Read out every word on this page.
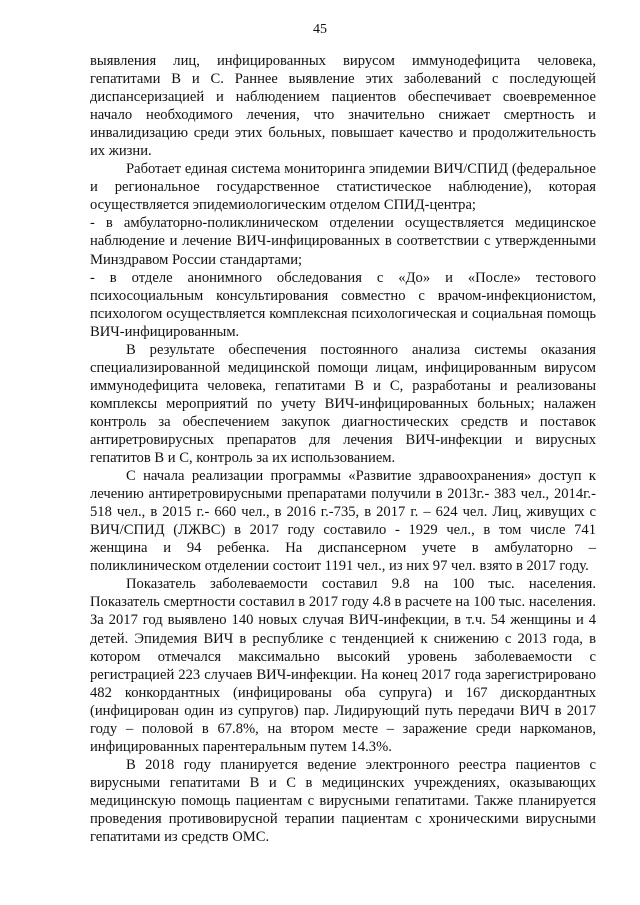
45

выявления лиц, инфицированных вирусом иммунодефицита человека, гепатитами В и С. Раннее выявление этих заболеваний с последующей диспансеризацией и наблюдением пациентов обеспечивает своевременное начало необходимого лечения, что значительно снижает смертность и инвалидизацию среди этих больных, повышает качество и продолжительность их жизни.

Работает единая система мониторинга эпидемии ВИЧ/СПИД (федеральное и региональное государственное статистическое наблюдение), которая осуществляется эпидемиологическим отделом СПИД-центра;

- в амбулаторно-поликлиническом отделении осуществляется медицинское наблюдение и лечение ВИЧ-инфицированных в соответствии с утвержденными Минздравом России стандартами;

- в отделе анонимного обследования с «До» и «После» тестового психосоциальным консультирования совместно с врачом-инфекционистом, психологом осуществляется комплексная психологическая и социальная помощь ВИЧ-инфицированным.

В результате обеспечения постоянного анализа системы оказания специализированной медицинской помощи лицам, инфицированным вирусом иммунодефицита человека, гепатитами В и С, разработаны и реализованы комплексы мероприятий по учету ВИЧ-инфицированных больных; налажен контроль за обеспечением закупок диагностических средств и поставок антиретровирусных препаратов для лечения ВИЧ-инфекции и вирусных гепатитов В и С, контроль за их использованием.

С начала реализации программы «Развитие здравоохранения» доступ к лечению антиретровирусными препаратами получили в 2013г.- 383 чел., 2014г.- 518 чел., в 2015 г.- 660 чел., в 2016 г.-735, в 2017 г. – 624 чел. Лиц, живущих с ВИЧ/СПИД (ЛЖВС) в 2017 году составило - 1929 чел., в том числе 741 женщина и 94 ребенка. На диспансерном учете в амбулаторно – поликлиническом отделении состоит 1191 чел., из них 97 чел. взято в 2017 году.

Показатель заболеваемости составил 9.8 на 100 тыс. населения. Показатель смертности составил в 2017 году 4.8 в расчете на 100 тыс. населения. За 2017 год выявлено 140 новых случая ВИЧ-инфекции, в т.ч. 54 женщины и 4 детей. Эпидемия ВИЧ в республике с тенденцией к снижению с 2013 года, в котором отмечался максимально высокий уровень заболеваемости с регистрацией 223 случаев ВИЧ-инфекции. На конец 2017 года зарегистрировано 482 конкордантных (инфицированы оба супруга) и 167 дискордантных (инфицирован один из супругов) пар. Лидирующий путь передачи ВИЧ в 2017 году – половой в 67.8%, на втором месте – заражение среди наркоманов, инфицированных парентеральным путем 14.3%.

В 2018 году планируется ведение электронного реестра пациентов с вирусными гепатитами В и С в медицинских учреждениях, оказывающих медицинскую помощь пациентам с вирусными гепатитами. Также планируется проведения противовирусной терапии пациентам с хроническими вирусными гепатитами из средств ОМС.
